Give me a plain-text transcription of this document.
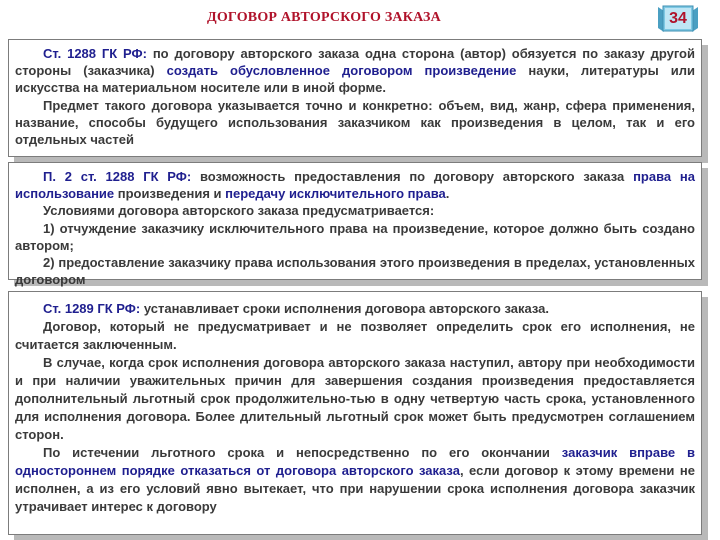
ДОГОВОР АВТОРСКОГО ЗАКАЗА	34

Ст. 1288 ГК РФ: по договору авторского заказа одна сторона (автор) обязуется по заказу другой стороны (заказчика) создать обусловленное договором произведение науки, литературы или искусства на материальном носителе или в иной форме.

Предмет такого договора указывается точно и конкретно: объем, вид, жанр, сфера применения, название, способы будущего использования заказчиком как произведения в целом, так и его отдельных частей

П. 2 ст. 1288 ГК РФ: возможность предоставления по договору авторского заказа права на использование произведения и передачу исключительного права.

Условиями договора авторского заказа предусматривается:

1) отчуждение заказчику исключительного права на произведение, которое должно быть создано автором;

2) предоставление заказчику права использования этого произведения в пределах, установленных договором

Ст. 1289 ГК РФ: устанавливает сроки исполнения договора авторского заказа.

Договор, который не предусматривает и не позволяет определить срок его исполнения, не считается заключенным.

В случае, когда срок исполнения договора авторского заказа наступил, автору при необходимости и при наличии уважительных причин для завершения создания произведения предоставляется дополнительный льготный срок продолжительно-тью в одну четвертую часть срока, установленного для исполнения договора. Более длительный льготный срок может быть предусмотрен соглашением сторон.

По истечении льготного срока и непосредственно по его окончании заказчик вправе в одностороннем порядке отказаться от договора авторского заказа, если договор к этому времени не исполнен, а из его условий явно вытекает, что при нарушении срока исполнения договора заказчик утрачивает интерес к договору
